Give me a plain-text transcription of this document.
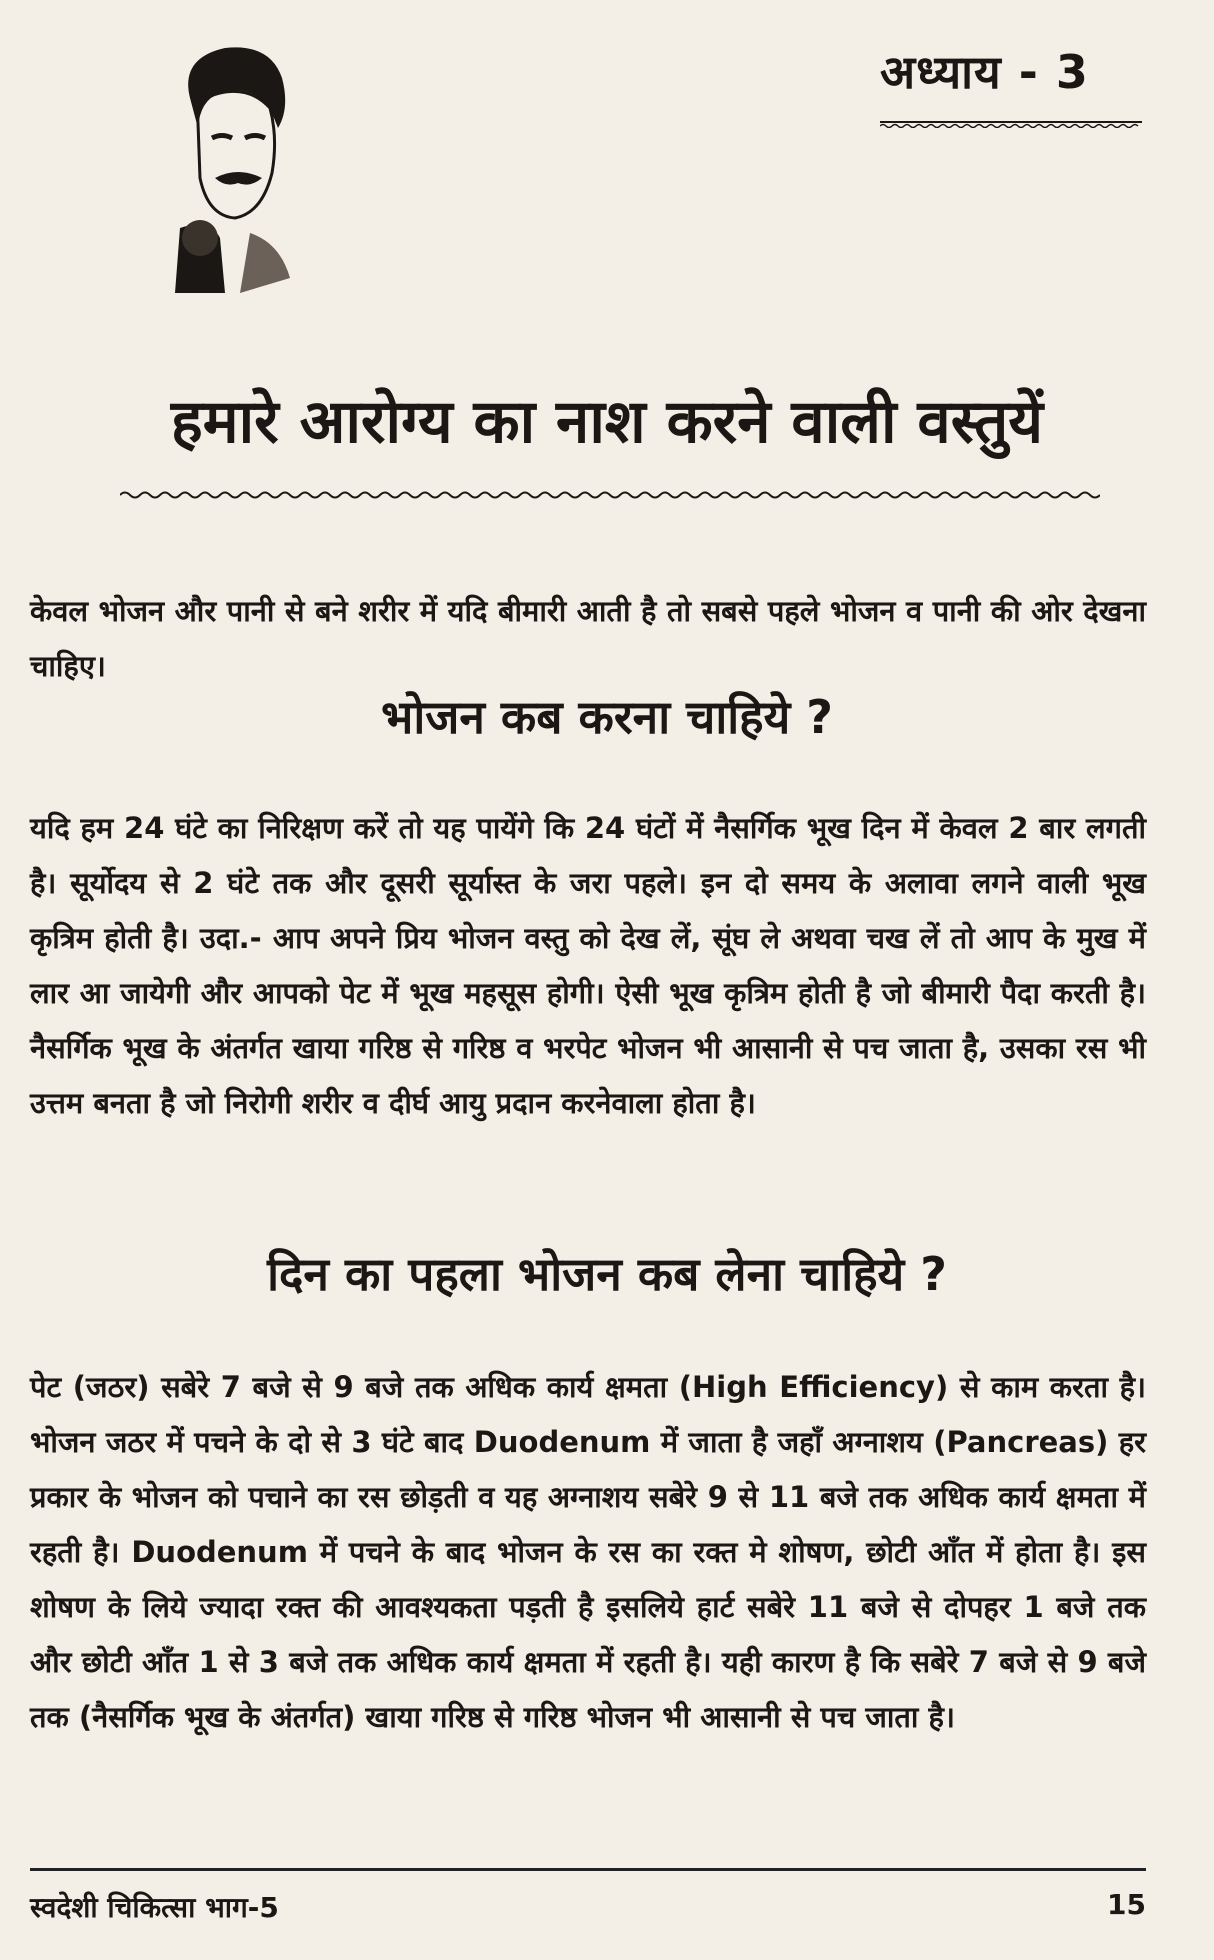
अध्याय - 3
हमारे आरोग्य का नाश करने वाली वस्तुयें

केवल भोजन और पानी से बने शरीर में यदि बीमारी आती है तो सबसे पहले भोजन व पानी की ओर देखना चाहिए।

भोजन कब करना चाहिये ?

यदि हम 24 घंटे का निरिक्षण करें तो यह पायेंगे कि 24 घंटों में नैसर्गिक भूख दिन में केवल 2 बार लगती है। सूर्योदय से 2 घंटे तक और दूसरी सूर्यास्त के जरा पहले। इन दो समय के अलावा लगने वाली भूख कृत्रिम होती है। उदा.- आप अपने प्रिय भोजन वस्तु को देख लें, सूंघ ले अथवा चख लें तो आप के मुख में लार आ जायेगी और आपको पेट में भूख महसूस होगी। ऐसी भूख कृत्रिम होती है जो बीमारी पैदा करती है। नैसर्गिक भूख के अंतर्गत खाया गरिष्ठ से गरिष्ठ व भरपेट भोजन भी आसानी से पच जाता है, उसका रस भी उत्तम बनता है जो निरोगी शरीर व दीर्घ आयु प्रदान करनेवाला होता है।

दिन का पहला भोजन कब लेना चाहिये ?

पेट (जठर) सबेरे 7 बजे से 9 बजे तक अधिक कार्य क्षमता (High Efficiency) से काम करता है। भोजन जठर में पचने के दो से 3 घंटे बाद Duodenum में जाता है जहाँ अग्नाशय (Pancreas) हर प्रकार के भोजन को पचाने का रस छोड़ती व यह अग्नाशय सबेरे 9 से 11 बजे तक अधिक कार्य क्षमता में रहती है। Duodenum में पचने के बाद भोजन के रस का रक्त मे शोषण, छोटी आँत में होता है। इस शोषण के लिये ज्यादा रक्त की आवश्यकता पड़ती है इसलिये हार्ट सबेरे 11 बजे से दोपहर 1 बजे तक और छोटी आँत 1 से 3 बजे तक अधिक कार्य क्षमता में रहती है। यही कारण है कि सबेरे 7 बजे से 9 बजे तक (नैसर्गिक भूख के अंतर्गत) खाया गरिष्ठ से गरिष्ठ भोजन भी आसानी से पच जाता है।

स्वदेशी चिकित्सा भाग-5	15
